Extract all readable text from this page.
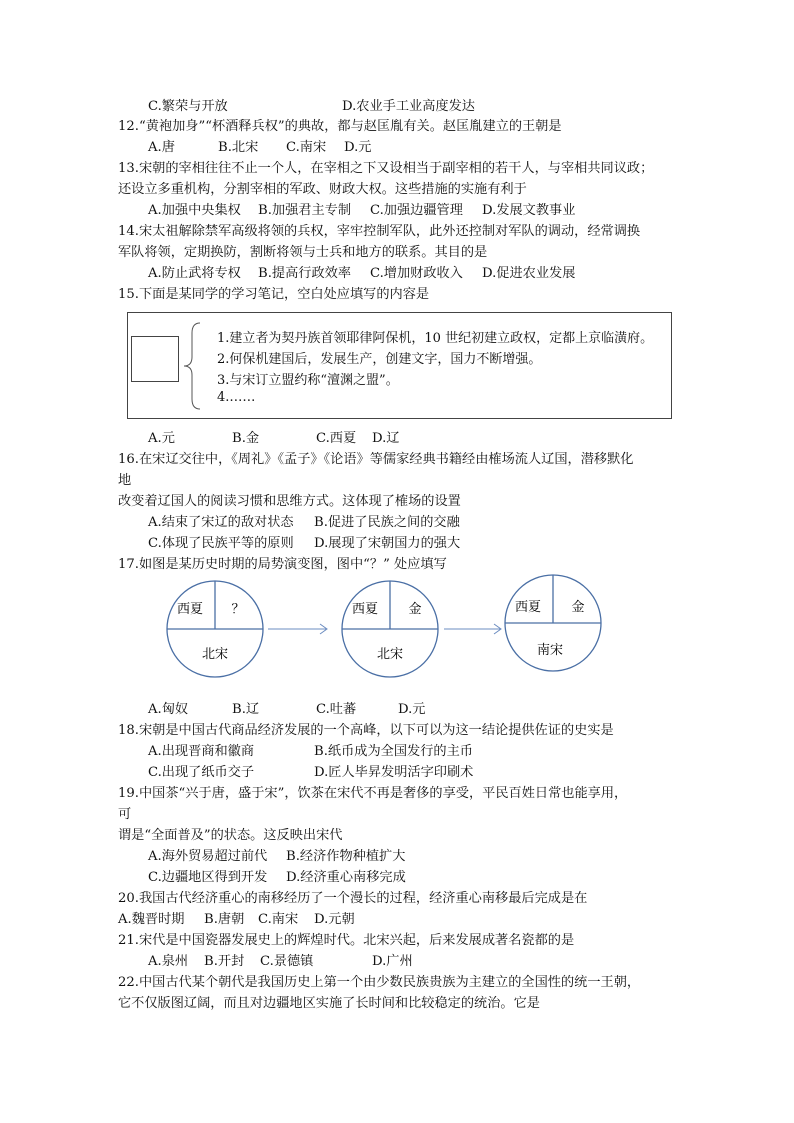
C.繁荣与开放	D.农业手工业高度发达
12.“黄袍加身”“杯酒释兵权”的典故，都与赵匡胤有关。赵匡胤建立的王朝是
A.唐	B.北宋 C.南宋 D.元
13.宋朝的宰相往往不止一个人，在宰相之下又设相当于副宰相的若干人，与宰相共同议政；
还设立多重机构，分割宰相的军政、财政大权。这些措施的实施有利于
A.加强中央集权 B.加强君主专制 C.加强边疆管理 D.发展文教事业
14.宋太祖解除禁军高级将领的兵权，宰牢控制军队，此外还控制对军队的调动，经常调换
军队将领，定期换防，割断将领与士兵和地方的联系。其目的是
A.防止武将专权 B.提高行政效率 C.增加财政收入 D.促进农业发展
15.下面是某同学的学习笔记，空白处应填写的内容是
1.建立者为契丹族首领耶律阿保机，10 世纪初建立政权，定都上京临潢府。
2.何保机建国后，发展生产，创建文字，国力不断增强。
3.与宋订立盟约称“澶渊之盟”。
4.……
A.元	B.金	C.西夏 D.辽
16.在宋辽交往中，《周礼》《孟子》《论语》等儒家经典书籍经由榷场流人辽国，潜移默化
地
改变着辽国人的阅读习惯和思维方式。这体现了榷场的设置
A.结束了宋辽的敌对状态 B.促进了民族之间的交融
C.体现了民族平等的原则 D.展现了宋朝国力的强大
17.如图是某历史时期的局势演变图，图中“？” 处应填写
西夏 ？
北宋
西夏 金
北宋
西夏 金
南宋
A.匈奴	B.辽	C.吐蕃	D.元
18.宋朝是中国古代商品经济发展的一个高峰，以下可以为这一结论提供佐证的史实是
A.出现晋商和徽商	B.纸币成为全国发行的主币
C.出现了纸币交子	D.匠人毕昇发明活字印刷术
19.中国茶“兴于唐，盛于宋”，饮茶在宋代不再是奢侈的享受，平民百姓日常也能享用，
可
谓是“全面普及”的状态。这反映出宋代
A.海外贸易超过前代 B.经济作物种植扩大
C.边疆地区得到开发 D.经济重心南移完成
20.我国古代经济重心的南移经历了一个漫长的过程，经济重心南移最后完成是在
A.魏晋时期 B.唐朝 C.南宋 D.元朝
21.宋代是中国瓷器发展史上的辉煌时代。北宋兴起，后来发展成著名瓷都的是
A.泉州 B.开封 C.景德镇	D.广州
22.中国古代某个朝代是我国历史上第一个由少数民族贵族为主建立的全国性的统一王朝，
它不仅版图辽阔，而且对边疆地区实施了长时间和比较稳定的统治。它是
